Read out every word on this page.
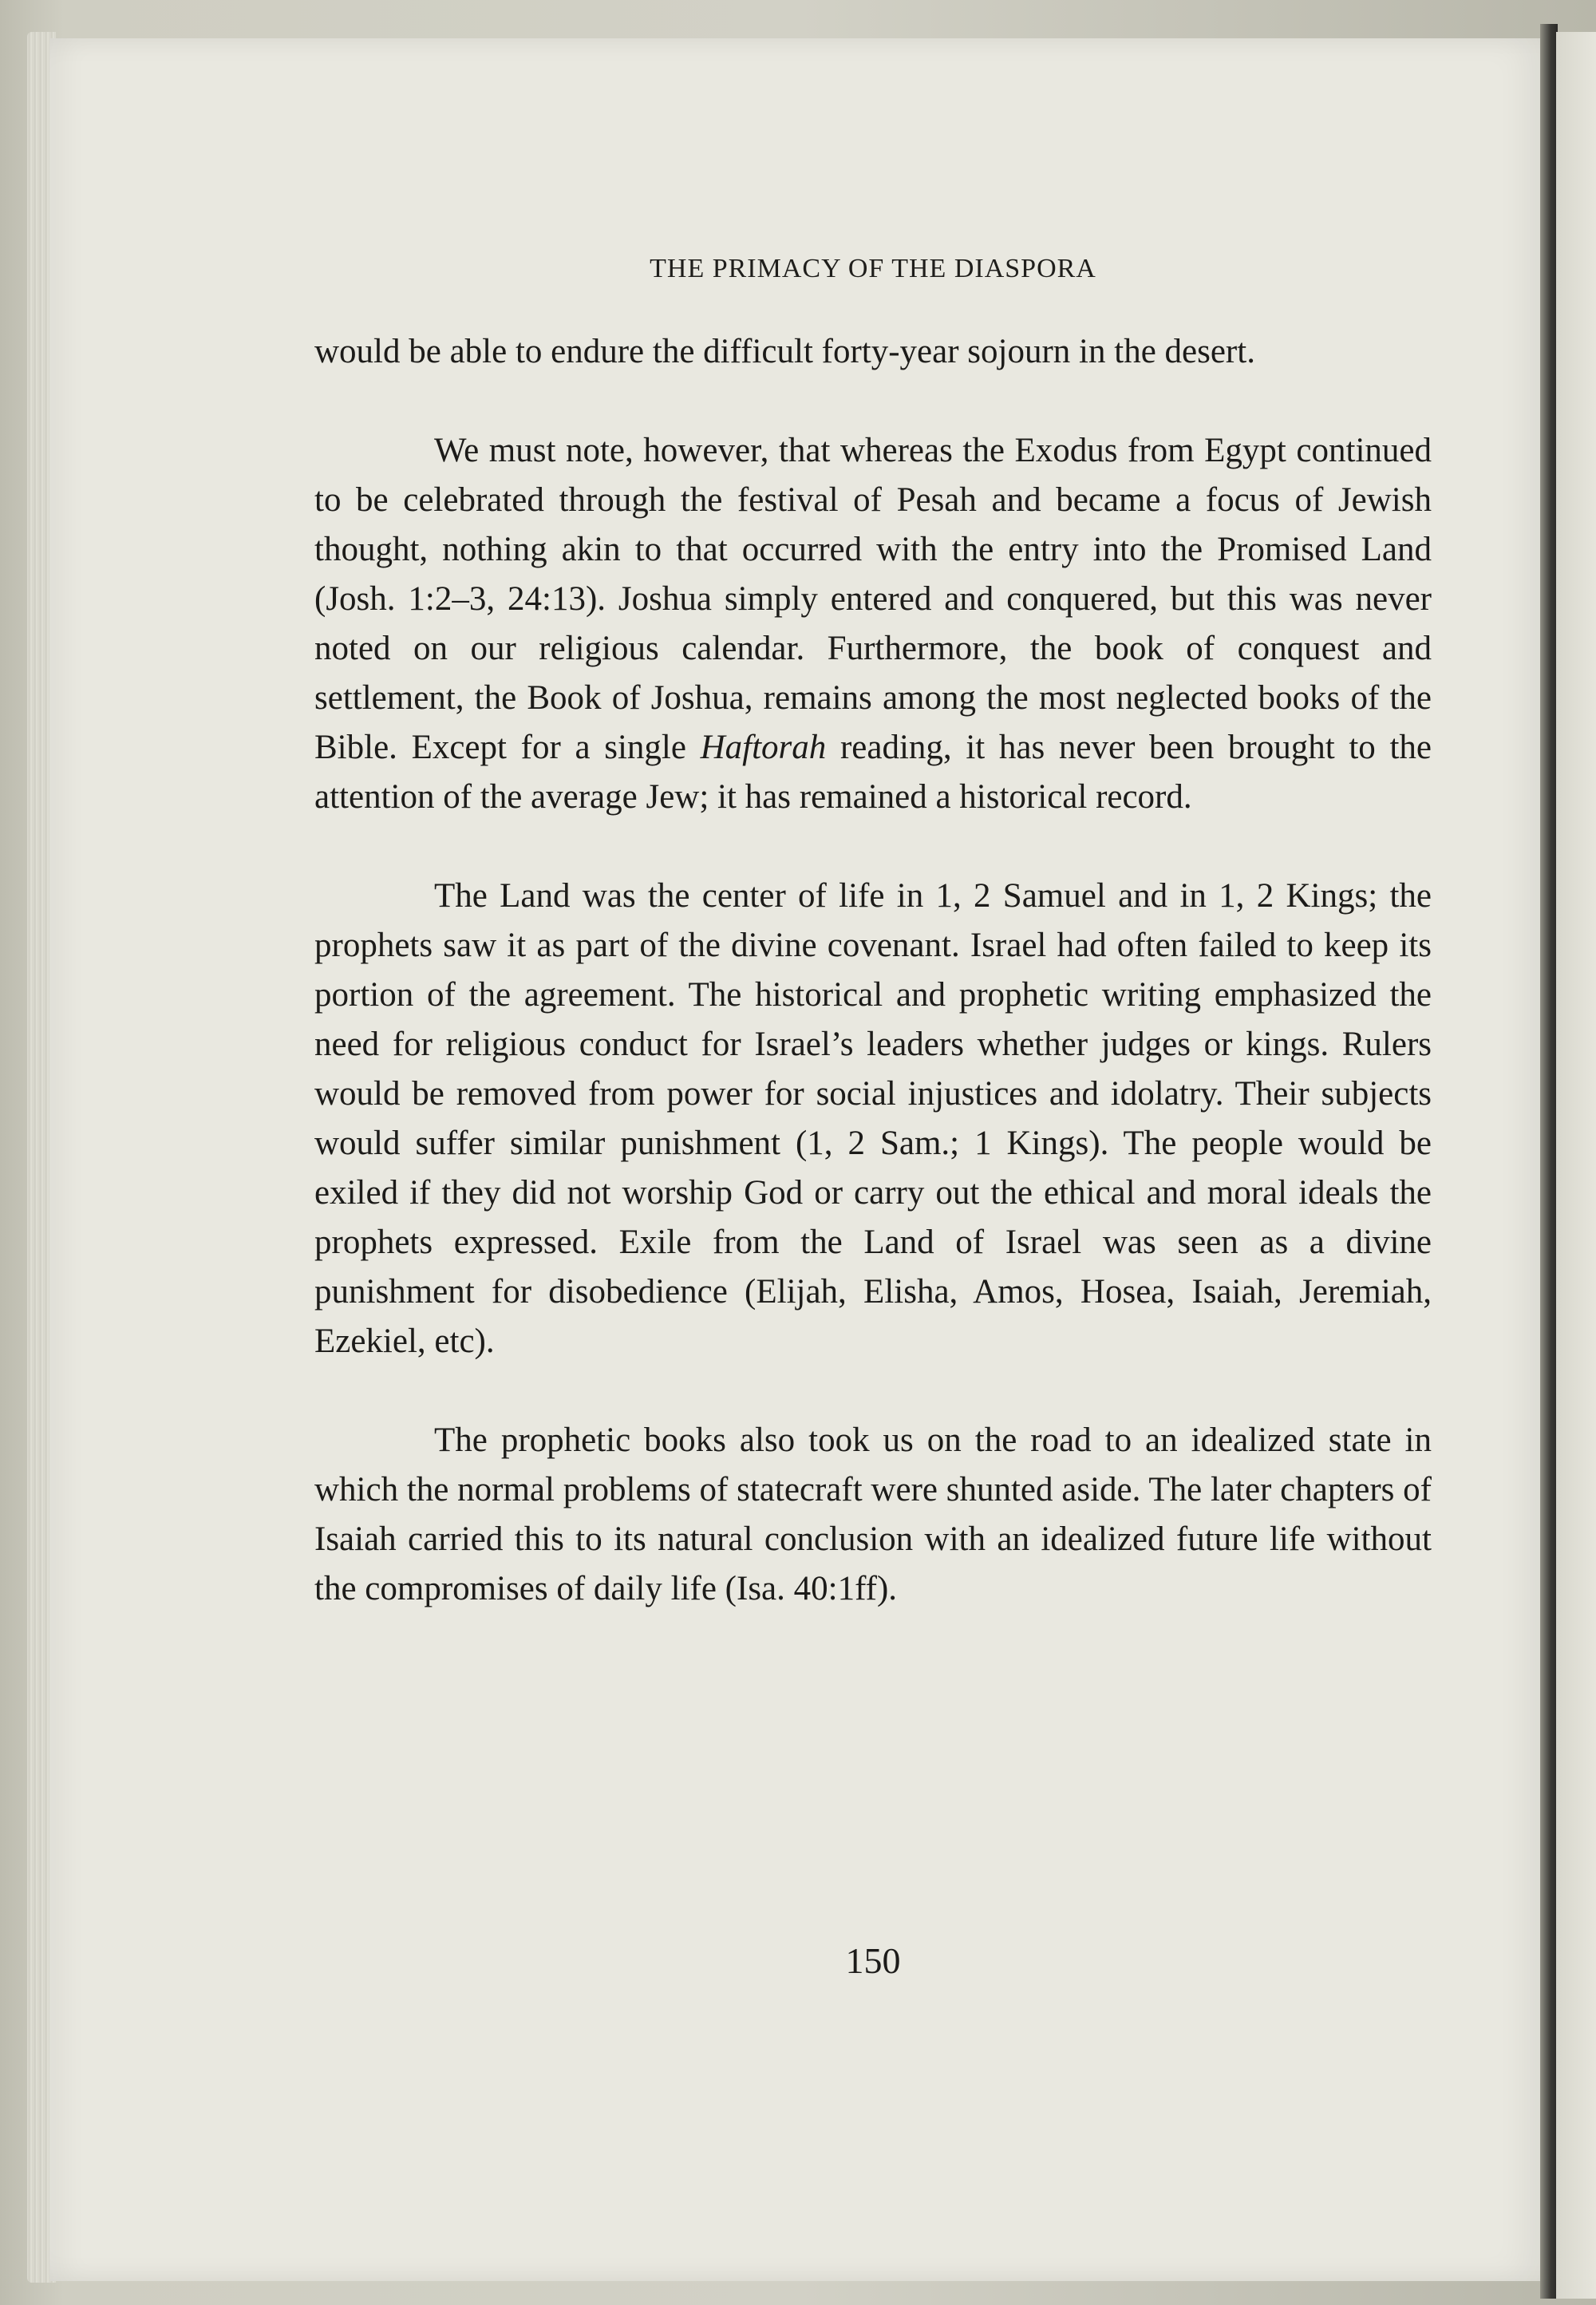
THE PRIMACY OF THE DIASPORA

would be able to endure the difficult forty-year sojourn in the desert.

We must note, however, that whereas the Exodus from Egypt continued to be celebrated through the festival of Pesah and became a focus of Jewish thought, nothing akin to that occurred with the entry into the Promised Land (Josh. 1:2–3, 24:13). Joshua simply entered and conquered, but this was never noted on our religious calendar. Furthermore, the book of conquest and settlement, the Book of Joshua, remains among the most neglected books of the Bible. Except for a single Haftorah reading, it has never been brought to the attention of the average Jew; it has remained a historical record.

The Land was the center of life in 1, 2 Samuel and in 1, 2 Kings; the prophets saw it as part of the divine covenant. Israel had often failed to keep its portion of the agreement. The historical and prophetic writing emphasized the need for religious conduct for Israel’s leaders whether judges or kings. Rulers would be removed from power for social injustices and idolatry. Their subjects would suffer similar punishment (1, 2 Sam.; 1 Kings). The people would be exiled if they did not worship God or carry out the ethical and moral ideals the prophets expressed. Exile from the Land of Israel was seen as a divine punishment for disobedience (Elijah, Elisha, Amos, Hosea, Isaiah, Jeremiah, Ezekiel, etc).

The prophetic books also took us on the road to an idealized state in which the normal problems of statecraft were shunted aside. The later chapters of Isaiah carried this to its natural conclusion with an idealized future life without the compromises of daily life (Isa. 40:1ff).

150
